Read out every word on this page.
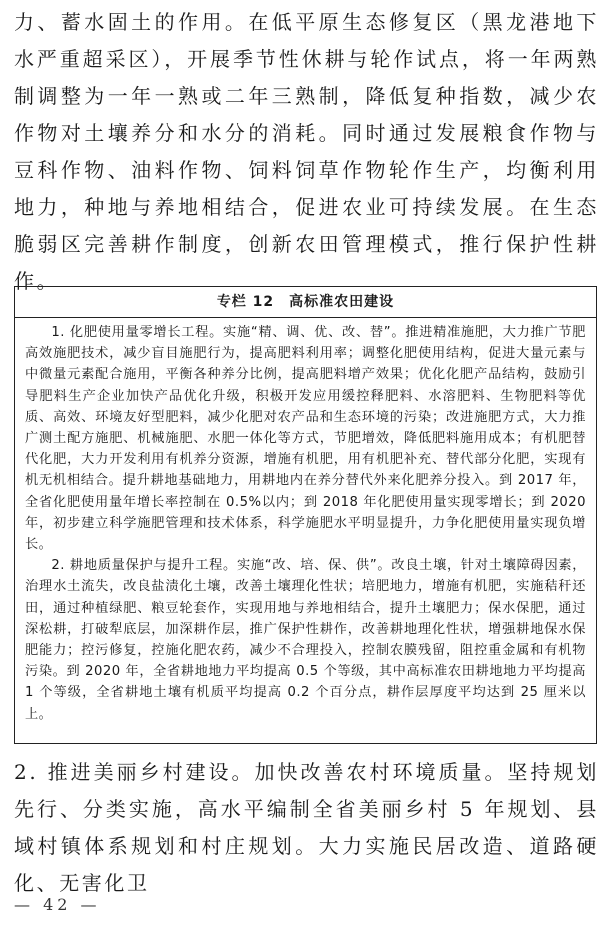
力、蓄水固土的作用。在低平原生态修复区（黑龙港地下水严重超采区），开展季节性休耕与轮作试点，将一年两熟制调整为一年一熟或二年三熟制，降低复种指数，减少农作物对土壤养分和水分的消耗。同时通过发展粮食作物与豆科作物、油料作物、饲料饲草作物轮作生产，均衡利用地力，种地与养地相结合，促进农业可持续发展。在生态脆弱区完善耕作制度，创新农田管理模式，推行保护性耕作。

专栏 12　高标准农田建设

1. 化肥使用量零增长工程。实施“精、调、优、改、替”。推进精准施肥，大力推广节肥高效施肥技术，减少盲目施肥行为，提高肥料利用率；调整化肥使用结构，促进大量元素与中微量元素配合施用，平衡各种养分比例，提高肥料增产效果；优化化肥产品结构，鼓励引导肥料生产企业加快产品优化升级，积极开发应用缓控释肥料、水溶肥料、生物肥料等优质、高效、环境友好型肥料，减少化肥对农产品和生态环境的污染；改进施肥方式，大力推广测土配方施肥、机械施肥、水肥一体化等方式，节肥增效，降低肥料施用成本；有机肥替代化肥，大力开发利用有机养分资源，增施有机肥，用有机肥补充、替代部分化肥，实现有机无机相结合。提升耕地基础地力，用耕地内在养分替代外来化肥养分投入。到 2017 年，全省化肥使用量年增长率控制在 0.5%以内；到 2018 年化肥使用量实现零增长；到 2020 年，初步建立科学施肥管理和技术体系，科学施肥水平明显提升，力争化肥使用量实现负增长。

2. 耕地质量保护与提升工程。实施“改、培、保、供”。改良土壤，针对土壤障碍因素，治理水土流失，改良盐渍化土壤，改善土壤理化性状；培肥地力，增施有机肥，实施秸秆还田，通过种植绿肥、粮豆轮套作，实现用地与养地相结合，提升土壤肥力；保水保肥，通过深松耕，打破犁底层，加深耕作层，推广保护性耕作，改善耕地理化性状，增强耕地保水保肥能力；控污修复，控施化肥农药，减少不合理投入，控制农膜残留，阻控重金属和有机物污染。到 2020 年，全省耕地地力平均提高 0.5 个等级，其中高标准农田耕地地力平均提高 1 个等级，全省耕地土壤有机质平均提高 0.2 个百分点，耕作层厚度平均达到 25 厘米以上。

2. 推进美丽乡村建设。加快改善农村环境质量。坚持规划先行、分类实施，高水平编制全省美丽乡村 5 年规划、县域村镇体系规划和村庄规划。大力实施民居改造、道路硬化、无害化卫

— 42 —
